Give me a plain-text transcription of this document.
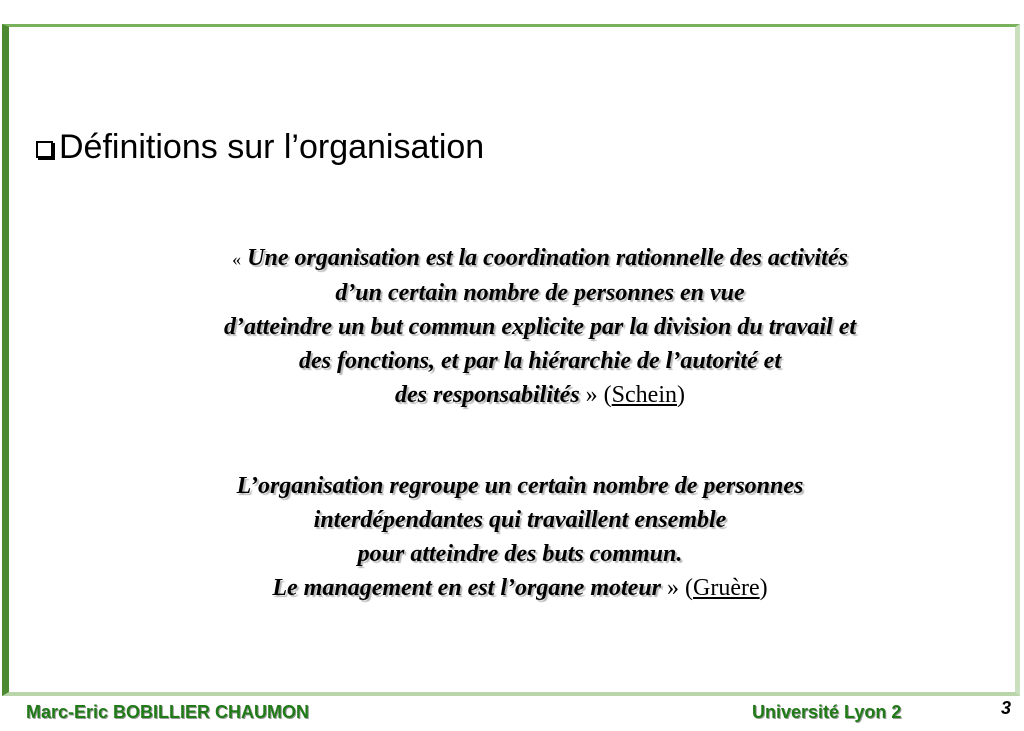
Définitions sur l’organisation
« Une organisation est la coordination rationnelle des activités
d’un certain nombre de personnes en vue
d’atteindre un but commun explicite par la division du travail et
des fonctions, et par la hiérarchie de l’autorité et
des responsabilités » (Schein)
L’organisation regroupe un certain nombre de personnes
interdépendantes qui travaillent ensemble
pour atteindre des buts commun.
Le management en est l’organe moteur » (Gruère)
Marc-Eric BOBILLIER CHAUMON	Université Lyon 2	3
